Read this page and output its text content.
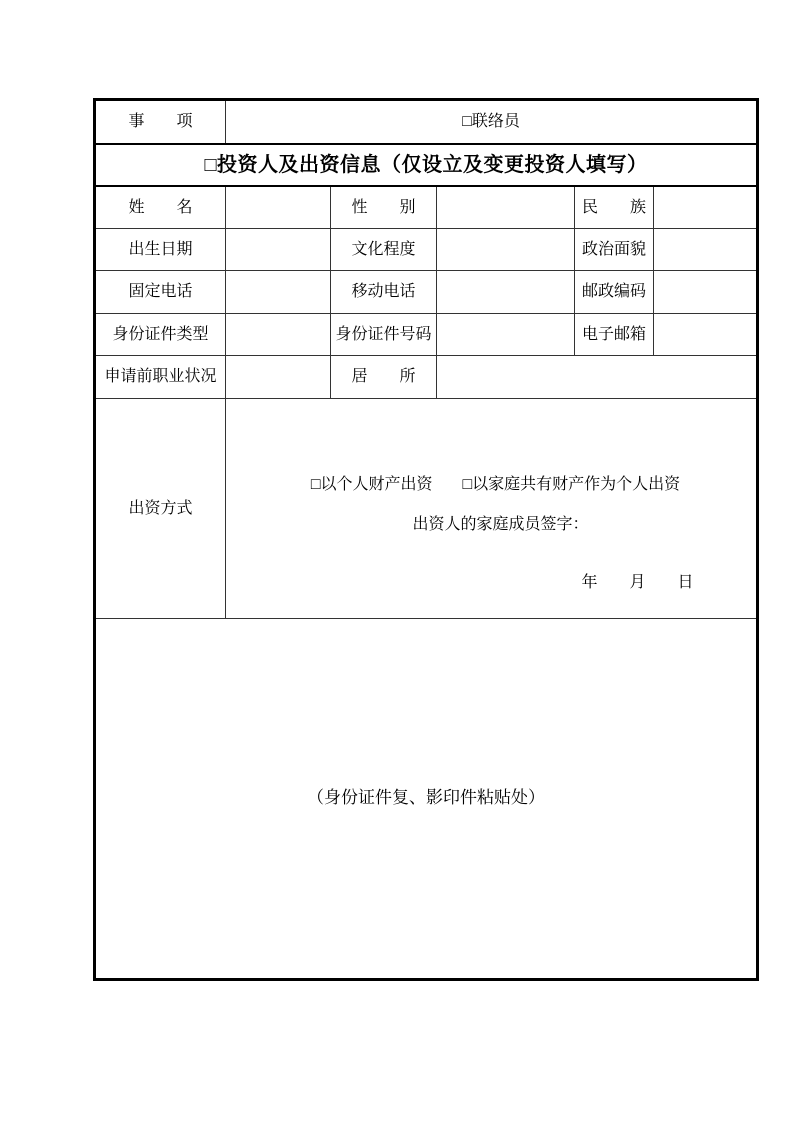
事　　项	□联络员				
□投资人及出资信息（仅设立及变更投资人填写）					
姓　　名		性　　别		民　　族	
出生日期		文化程度		政治面貌	
固定电话		移动电话		邮政编码	
身份证件类型		身份证件号码		电子邮箱	
申请前职业状况		居　　所			
出资方式	□以个人财产出资 □以家庭共有财产作为个人出资
出资人的家庭成员签字：
年　　月　　日				

（身份证件复、影印件粘贴处）					
